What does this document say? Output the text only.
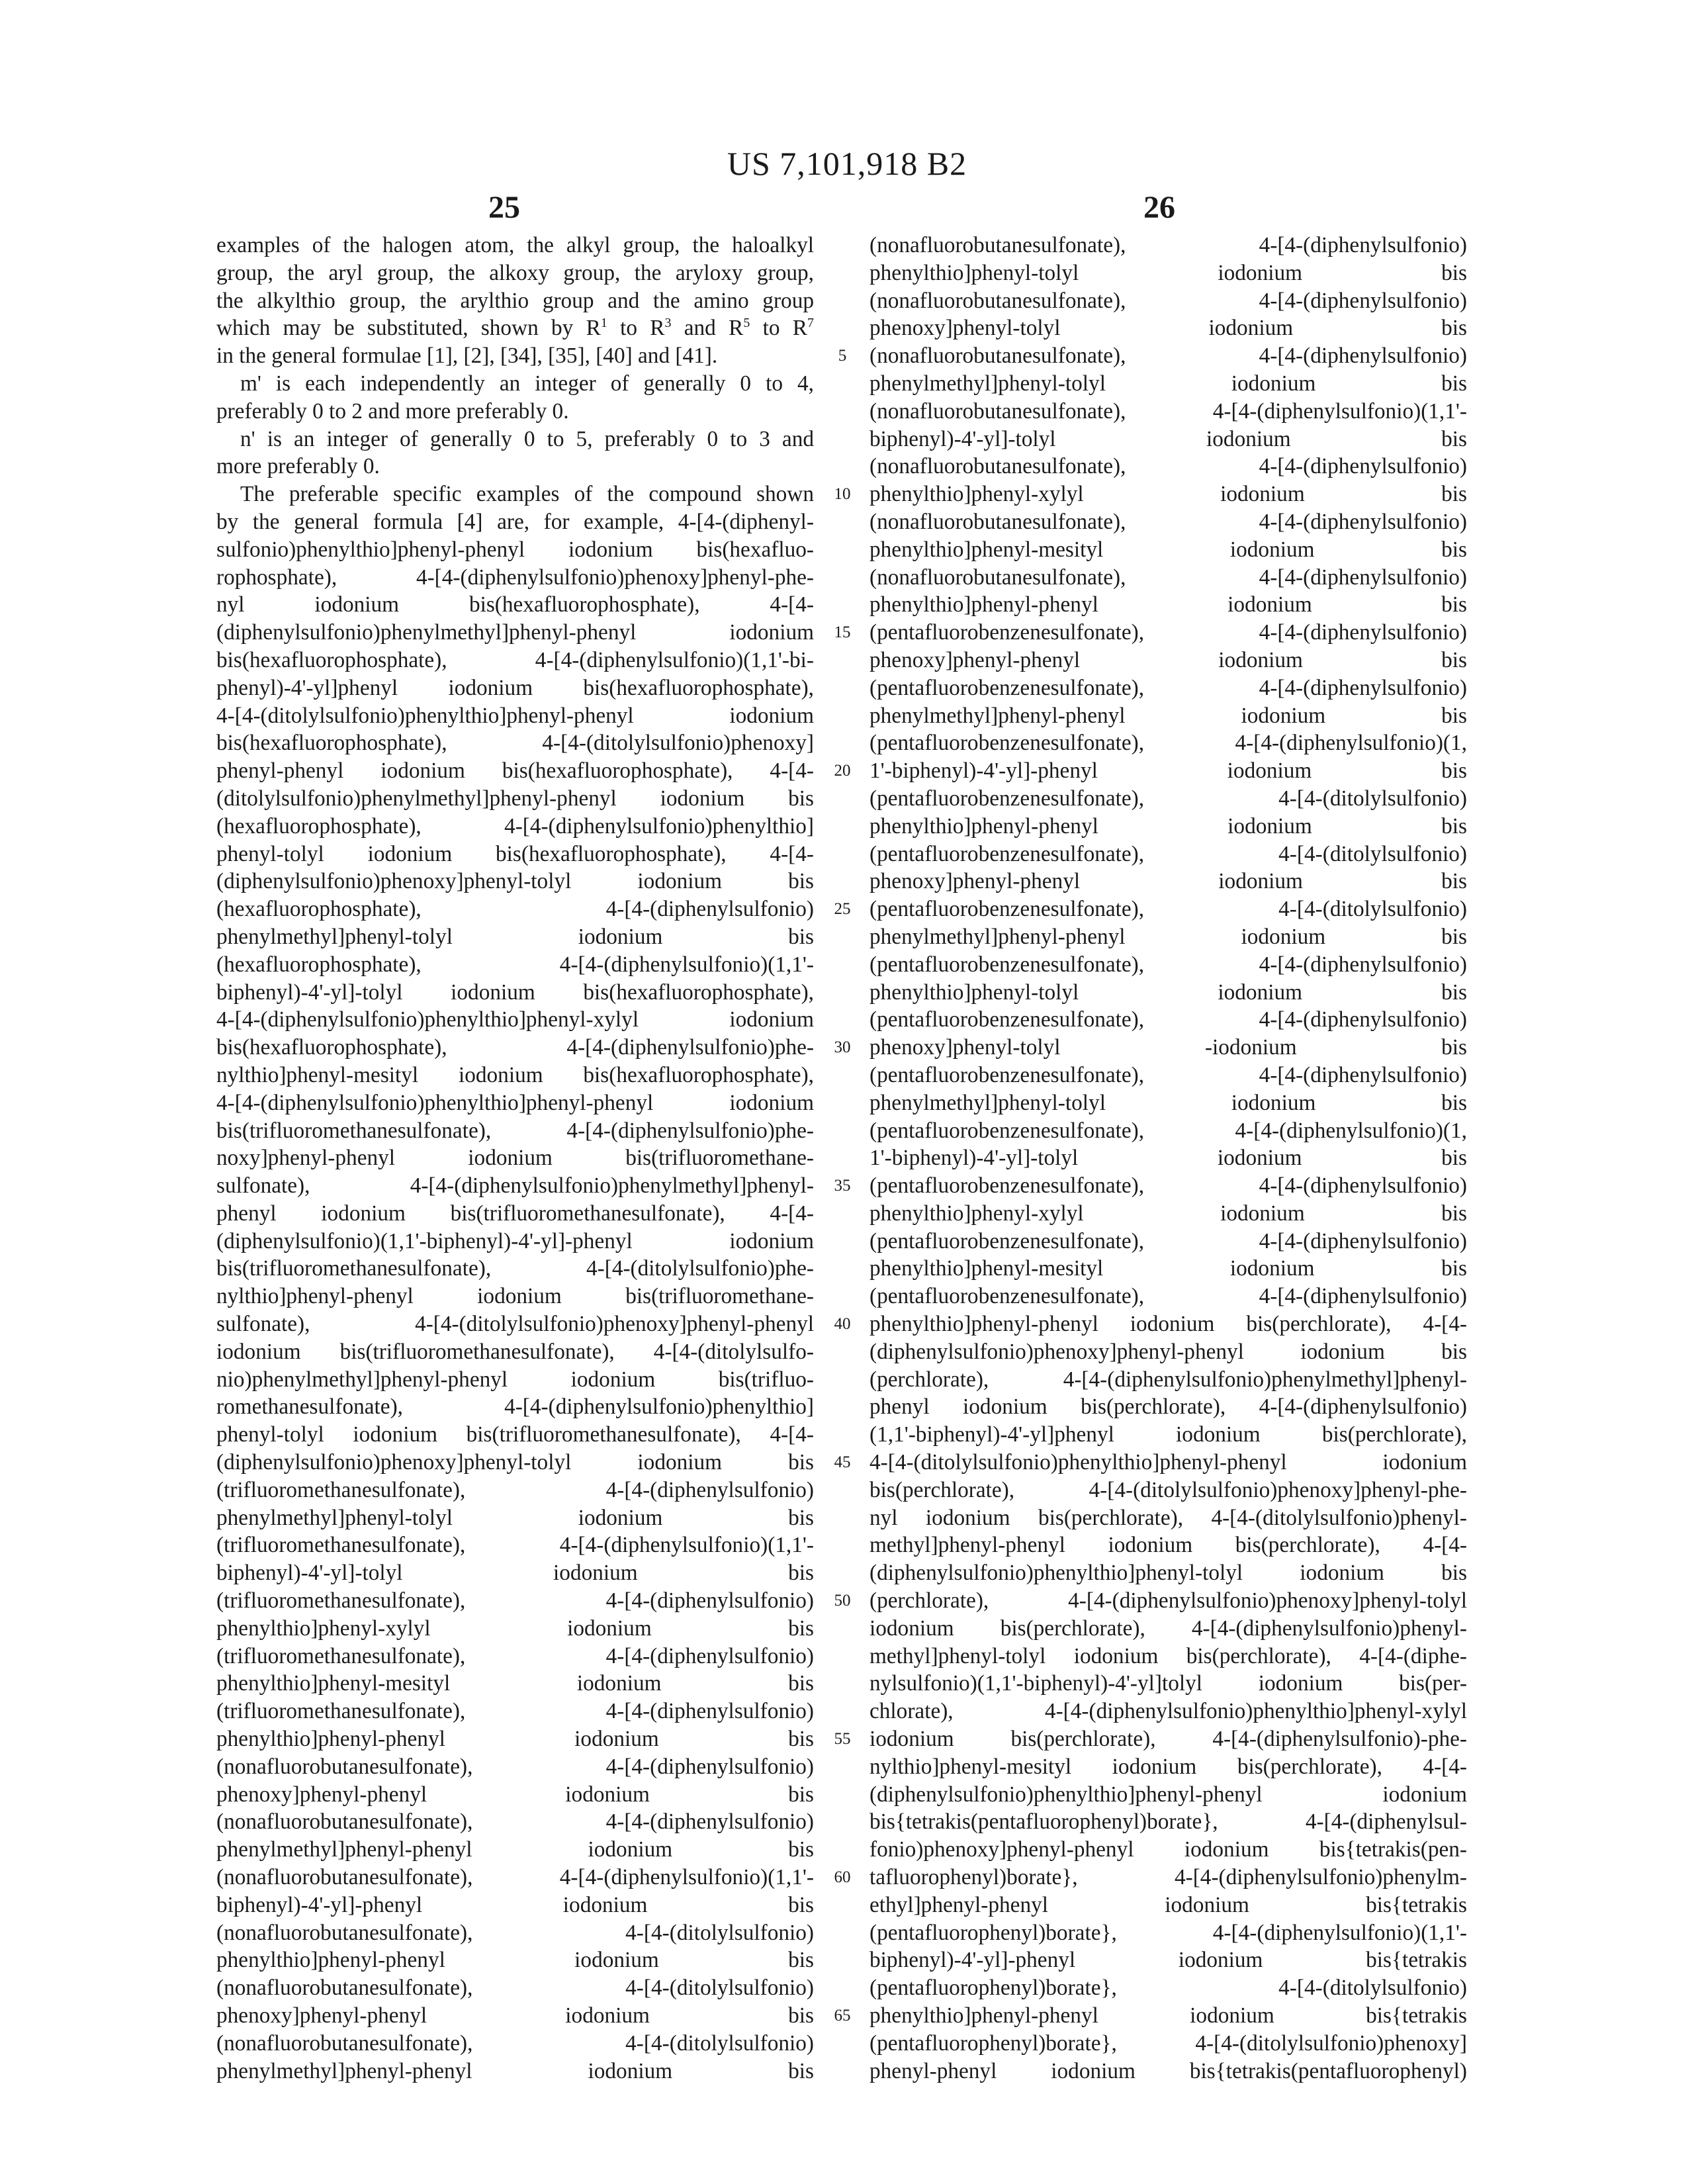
US 7,101,918 B2
25	26
examples of the halogen atom, the alkyl group, the haloalkyl
group, the aryl group, the alkoxy group, the aryloxy group,
the alkylthio group, the arylthio group and the amino group
which may be substituted, shown by R1 to R3 and R5 to R7
in the general formulae [1], [2], [34], [35], [40] and [41].
m' is each independently an integer of generally 0 to 4,
preferably 0 to 2 and more preferably 0.
n' is an integer of generally 0 to 5, preferably 0 to 3 and
more preferably 0.
The preferable specific examples of the compound shown
by the general formula [4] are, for example, 4-[4-(diphenyl-
sulfonio)phenylthio]phenyl-phenyl iodonium bis(hexafluo-
rophosphate), 4-[4-(diphenylsulfonio)phenoxy]phenyl-phe-
nyl iodonium bis(hexafluorophosphate), 4-[4-
(diphenylsulfonio)phenylmethyl]phenyl-phenyl iodonium
bis(hexafluorophosphate), 4-[4-(diphenylsulfonio)(1,1'-bi-
phenyl)-4'-yl]phenyl iodonium bis(hexafluorophosphate),
4-[4-(ditolylsulfonio)phenylthio]phenyl-phenyl iodonium
bis(hexafluorophosphate), 4-[4-(ditolylsulfonio)phenoxy]
phenyl-phenyl iodonium bis(hexafluorophosphate), 4-[4-
(ditolylsulfonio)phenylmethyl]phenyl-phenyl iodonium bis
(hexafluorophosphate), 4-[4-(diphenylsulfonio)phenylthio]
phenyl-tolyl iodonium bis(hexafluorophosphate), 4-[4-
(diphenylsulfonio)phenoxy]phenyl-tolyl iodonium bis
(hexafluorophosphate), 4-[4-(diphenylsulfonio)
phenylmethyl]phenyl-tolyl iodonium bis
(hexafluorophosphate), 4-[4-(diphenylsulfonio)(1,1'-
biphenyl)-4'-yl]-tolyl iodonium bis(hexafluorophosphate),
4-[4-(diphenylsulfonio)phenylthio]phenyl-xylyl iodonium
bis(hexafluorophosphate), 4-[4-(diphenylsulfonio)phe-
nylthio]phenyl-mesityl iodonium bis(hexafluorophosphate),
4-[4-(diphenylsulfonio)phenylthio]phenyl-phenyl iodonium
bis(trifluoromethanesulfonate), 4-[4-(diphenylsulfonio)phe-
noxy]phenyl-phenyl iodonium bis(trifluoromethane-
sulfonate), 4-[4-(diphenylsulfonio)phenylmethyl]phenyl-
phenyl iodonium bis(trifluoromethanesulfonate), 4-[4-
(diphenylsulfonio)(1,1'-biphenyl)-4'-yl]-phenyl iodonium
bis(trifluoromethanesulfonate), 4-[4-(ditolylsulfonio)phe-
nylthio]phenyl-phenyl iodonium bis(trifluoromethane-
sulfonate), 4-[4-(ditolylsulfonio)phenoxy]phenyl-phenyl
iodonium bis(trifluoromethanesulfonate), 4-[4-(ditolylsulfo-
nio)phenylmethyl]phenyl-phenyl iodonium bis(trifluo-
romethanesulfonate), 4-[4-(diphenylsulfonio)phenylthio]
phenyl-tolyl iodonium bis(trifluoromethanesulfonate), 4-[4-
(diphenylsulfonio)phenoxy]phenyl-tolyl iodonium bis
(trifluoromethanesulfonate), 4-[4-(diphenylsulfonio)
phenylmethyl]phenyl-tolyl iodonium bis
(trifluoromethanesulfonate), 4-[4-(diphenylsulfonio)(1,1'-
biphenyl)-4'-yl]-tolyl iodonium bis
(trifluoromethanesulfonate), 4-[4-(diphenylsulfonio)
phenylthio]phenyl-xylyl iodonium bis
(trifluoromethanesulfonate), 4-[4-(diphenylsulfonio)
phenylthio]phenyl-mesityl iodonium bis
(trifluoromethanesulfonate), 4-[4-(diphenylsulfonio)
phenylthio]phenyl-phenyl iodonium bis
(nonafluorobutanesulfonate), 4-[4-(diphenylsulfonio)
phenoxy]phenyl-phenyl iodonium bis
(nonafluorobutanesulfonate), 4-[4-(diphenylsulfonio)
phenylmethyl]phenyl-phenyl iodonium bis
(nonafluorobutanesulfonate), 4-[4-(diphenylsulfonio)(1,1'-
biphenyl)-4'-yl]-phenyl iodonium bis
(nonafluorobutanesulfonate), 4-[4-(ditolylsulfonio)
phenylthio]phenyl-phenyl iodonium bis
(nonafluorobutanesulfonate), 4-[4-(ditolylsulfonio)
phenoxy]phenyl-phenyl iodonium bis
(nonafluorobutanesulfonate), 4-[4-(ditolylsulfonio)
phenylmethyl]phenyl-phenyl iodonium bis
5
10
15
20
25
30
35
40
45
50
55
60
65
(nonafluorobutanesulfonate), 4-[4-(diphenylsulfonio)
phenylthio]phenyl-tolyl iodonium bis
(nonafluorobutanesulfonate), 4-[4-(diphenylsulfonio)
phenoxy]phenyl-tolyl iodonium bis
(nonafluorobutanesulfonate), 4-[4-(diphenylsulfonio)
phenylmethyl]phenyl-tolyl iodonium bis
(nonafluorobutanesulfonate), 4-[4-(diphenylsulfonio)(1,1'-
biphenyl)-4'-yl]-tolyl iodonium bis
(nonafluorobutanesulfonate), 4-[4-(diphenylsulfonio)
phenylthio]phenyl-xylyl iodonium bis
(nonafluorobutanesulfonate), 4-[4-(diphenylsulfonio)
phenylthio]phenyl-mesityl iodonium bis
(nonafluorobutanesulfonate), 4-[4-(diphenylsulfonio)
phenylthio]phenyl-phenyl iodonium bis
(pentafluorobenzenesulfonate), 4-[4-(diphenylsulfonio)
phenoxy]phenyl-phenyl iodonium bis
(pentafluorobenzenesulfonate), 4-[4-(diphenylsulfonio)
phenylmethyl]phenyl-phenyl iodonium bis
(pentafluorobenzenesulfonate), 4-[4-(diphenylsulfonio)(1,
1'-biphenyl)-4'-yl]-phenyl iodonium bis
(pentafluorobenzenesulfonate), 4-[4-(ditolylsulfonio)
phenylthio]phenyl-phenyl iodonium bis
(pentafluorobenzenesulfonate), 4-[4-(ditolylsulfonio)
phenoxy]phenyl-phenyl iodonium bis
(pentafluorobenzenesulfonate), 4-[4-(ditolylsulfonio)
phenylmethyl]phenyl-phenyl iodonium bis
(pentafluorobenzenesulfonate), 4-[4-(diphenylsulfonio)
phenylthio]phenyl-tolyl iodonium bis
(pentafluorobenzenesulfonate), 4-[4-(diphenylsulfonio)
phenoxy]phenyl-tolyl -iodonium bis
(pentafluorobenzenesulfonate), 4-[4-(diphenylsulfonio)
phenylmethyl]phenyl-tolyl iodonium bis
(pentafluorobenzenesulfonate), 4-[4-(diphenylsulfonio)(1,
1'-biphenyl)-4'-yl]-tolyl iodonium bis
(pentafluorobenzenesulfonate), 4-[4-(diphenylsulfonio)
phenylthio]phenyl-xylyl iodonium bis
(pentafluorobenzenesulfonate), 4-[4-(diphenylsulfonio)
phenylthio]phenyl-mesityl iodonium bis
(pentafluorobenzenesulfonate), 4-[4-(diphenylsulfonio)
phenylthio]phenyl-phenyl iodonium bis(perchlorate), 4-[4-
(diphenylsulfonio)phenoxy]phenyl-phenyl iodonium bis
(perchlorate), 4-[4-(diphenylsulfonio)phenylmethyl]phenyl-
phenyl iodonium bis(perchlorate), 4-[4-(diphenylsulfonio)
(1,1'-biphenyl)-4'-yl]phenyl iodonium bis(perchlorate),
4-[4-(ditolylsulfonio)phenylthio]phenyl-phenyl iodonium
bis(perchlorate), 4-[4-(ditolylsulfonio)phenoxy]phenyl-phe-
nyl iodonium bis(perchlorate), 4-[4-(ditolylsulfonio)phenyl-
methyl]phenyl-phenyl iodonium bis(perchlorate), 4-[4-
(diphenylsulfonio)phenylthio]phenyl-tolyl iodonium bis
(perchlorate), 4-[4-(diphenylsulfonio)phenoxy]phenyl-tolyl
iodonium bis(perchlorate), 4-[4-(diphenylsulfonio)phenyl-
methyl]phenyl-tolyl iodonium bis(perchlorate), 4-[4-(diphe-
nylsulfonio)(1,1'-biphenyl)-4'-yl]tolyl iodonium bis(per-
chlorate), 4-[4-(diphenylsulfonio)phenylthio]phenyl-xylyl
iodonium bis(perchlorate), 4-[4-(diphenylsulfonio)-phe-
nylthio]phenyl-mesityl iodonium bis(perchlorate), 4-[4-
(diphenylsulfonio)phenylthio]phenyl-phenyl iodonium
bis{tetrakis(pentafluorophenyl)borate}, 4-[4-(diphenylsul-
fonio)phenoxy]phenyl-phenyl iodonium bis{tetrakis(pen-
tafluorophenyl)borate}, 4-[4-(diphenylsulfonio)phenylm-
ethyl]phenyl-phenyl iodonium bis{tetrakis
(pentafluorophenyl)borate}, 4-[4-(diphenylsulfonio)(1,1'-
biphenyl)-4'-yl]-phenyl iodonium bis{tetrakis
(pentafluorophenyl)borate}, 4-[4-(ditolylsulfonio)
phenylthio]phenyl-phenyl iodonium bis{tetrakis
(pentafluorophenyl)borate}, 4-[4-(ditolylsulfonio)phenoxy]
phenyl-phenyl iodonium bis{tetrakis(pentafluorophenyl)
